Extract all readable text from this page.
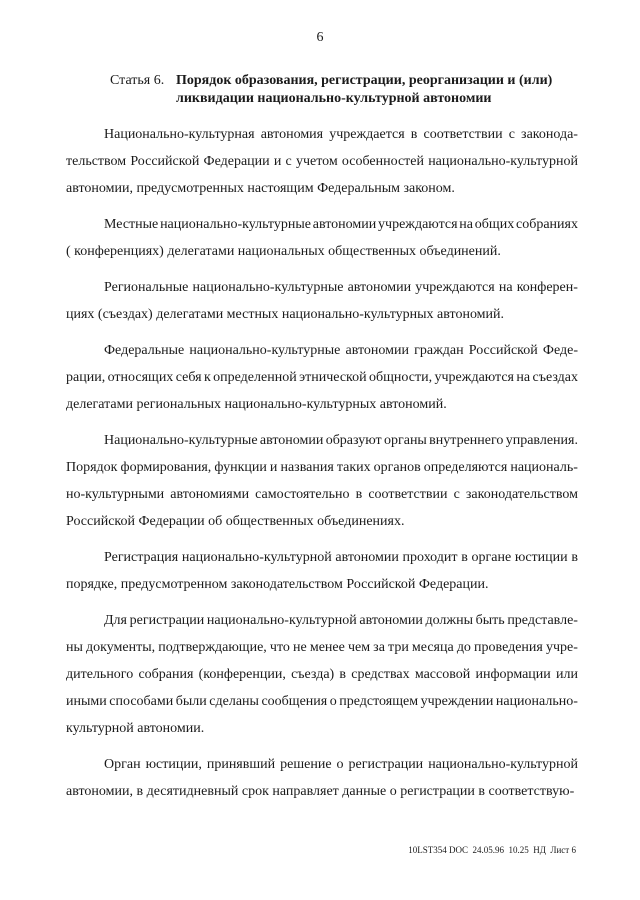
6
Статья 6. Порядок образования, регистрации, реорганизации и (или)
ликвидации национально-культурной автономии
Национально-культурная автономия учреждается в соответствии с законода-
тельством Российской Федерации и с учетом особенностей национально-культурной
автономии, предусмотренных настоящим Федеральным законом.
Местные национально-культурные автономии учреждаются на общих собраниях
( конференциях) делегатами национальных общественных объединений.
Региональные национально-культурные автономии учреждаются на конферен-
циях (съездах) делегатами местных национально-культурных автономий.
Федеральные национально-культурные автономии граждан Российской Феде-
рации, относящих себя к определенной этнической общности, учреждаются на съездах
делегатами региональных национально-культурных автономий.
Национально-культурные автономии образуют органы внутреннего управления.
Порядок формирования, функции и названия таких органов определяются националь-
но-культурными автономиями самостоятельно в соответствии с законодательством
Российской Федерации об общественных объединениях.
Регистрация национально-культурной автономии проходит в органе юстиции в
порядке, предусмотренном законодательством Российской Федерации.
Для регистрации национально-культурной автономии должны быть представле-
ны документы, подтверждающие, что не менее чем за три месяца до проведения учре-
дительного собрания (конференции, съезда) в средствах массовой информации или
иными способами были сделаны сообщения о предстоящем учреждении национально-
культурной автономии.
Орган юстиции, принявший решение о регистрации национально-культурной
автономии, в десятидневный срок направляет данные о регистрации в соответствую-
10LST354 DOC  24.05.96  10.25  НД  Лист 6
